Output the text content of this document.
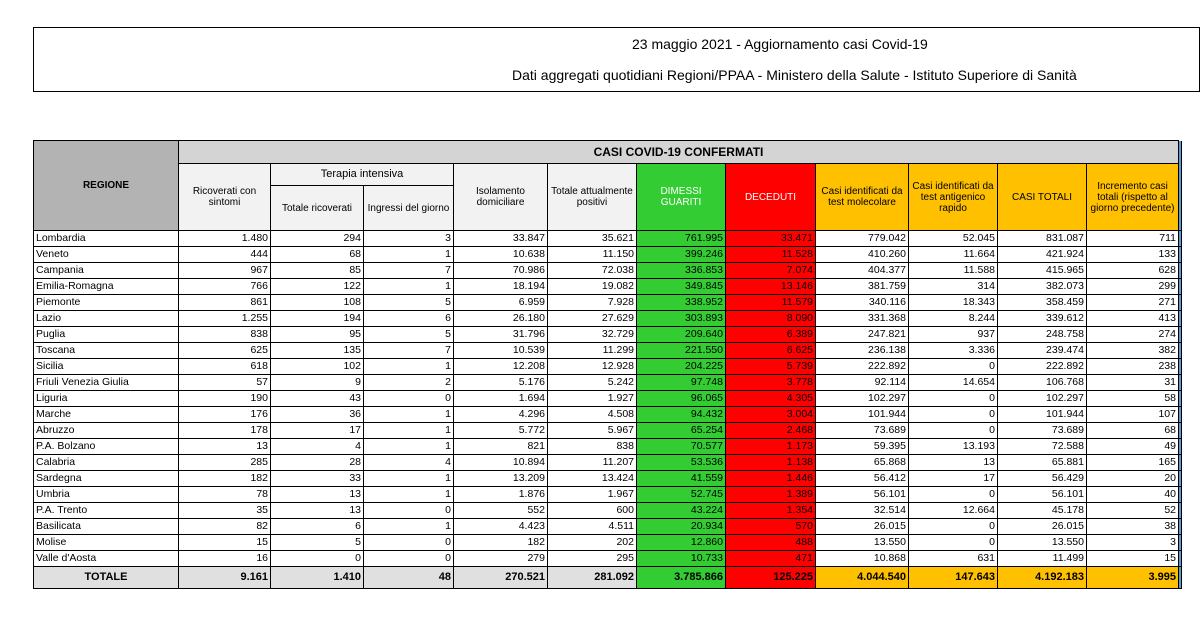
23 maggio 2021 - Aggiornamento casi Covid-19
Dati aggregati quotidiani Regioni/PPAA - Ministero della Salute - Istituto Superiore di Sanità
REGIONE	CASI COVID-19 CONFERMATI											
	Ricoverati con sintomi	Terapia intensiva		Isolamento domiciliare	Totale attualmente positivi	DIMESSI GUARITI	DECEDUTI	Casi identificati da test molecolare	Casi identificati da test antigenico rapido	CASI TOTALI	Incremento casi totali (rispetto al giorno precedente)	
		Totale ricoverati	Ingressi del giorno									
Lombardia	1.480	294	3	33.847	35.621	761.995	33.471	779.042	52.045	831.087	711	
Veneto	444	68	1	10.638	11.150	399.246	11.528	410.260	11.664	421.924	133	
Campania	967	85	7	70.986	72.038	336.853	7.074	404.377	11.588	415.965	628	
Emilia-Romagna	766	122	1	18.194	19.082	349.845	13.146	381.759	314	382.073	299	
Piemonte	861	108	5	6.959	7.928	338.952	11.579	340.116	18.343	358.459	271	
Lazio	1.255	194	6	26.180	27.629	303.893	8.090	331.368	8.244	339.612	413	
Puglia	838	95	5	31.796	32.729	209.640	6.389	247.821	937	248.758	274	
Toscana	625	135	7	10.539	11.299	221.550	6.625	236.138	3.336	239.474	382	
Sicilia	618	102	1	12.208	12.928	204.225	5.739	222.892	0	222.892	238	
Friuli Venezia Giulia	57	9	2	5.176	5.242	97.748	3.778	92.114	14.654	106.768	31	
Liguria	190	43	0	1.694	1.927	96.065	4.305	102.297	0	102.297	58	
Marche	176	36	1	4.296	4.508	94.432	3.004	101.944	0	101.944	107	
Abruzzo	178	17	1	5.772	5.967	65.254	2.468	73.689	0	73.689	68	
P.A. Bolzano	13	4	1	821	838	70.577	1.173	59.395	13.193	72.588	49	
Calabria	285	28	4	10.894	11.207	53.536	1.138	65.868	13	65.881	165	
Sardegna	182	33	1	13.209	13.424	41.559	1.446	56.412	17	56.429	20	
Umbria	78	13	1	1.876	1.967	52.745	1.389	56.101	0	56.101	40	
P.A. Trento	35	13	0	552	600	43.224	1.354	32.514	12.664	45.178	52	
Basilicata	82	6	1	4.423	4.511	20.934	570	26.015	0	26.015	38	
Molise	15	5	0	182	202	12.860	488	13.550	0	13.550	3	
Valle d'Aosta	16	0	0	279	295	10.733	471	10.868	631	11.499	15	
TOTALE	9.161	1.410	48	270.521	281.092	3.785.866	125.225	4.044.540	147.643	4.192.183	3.995	
